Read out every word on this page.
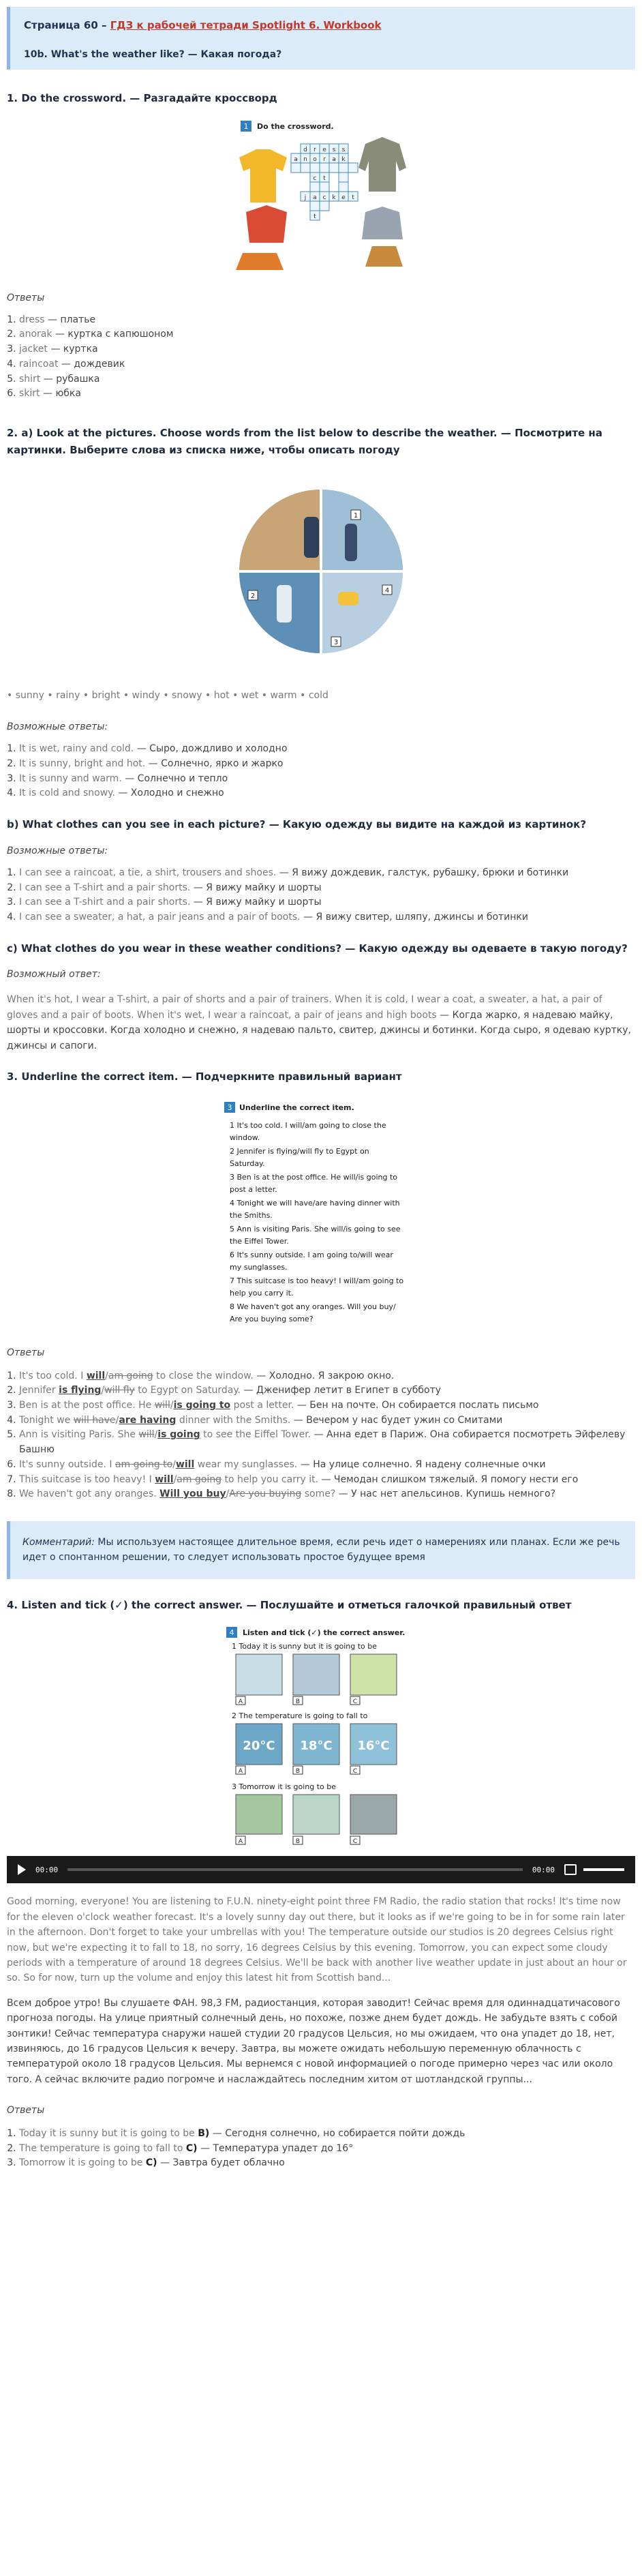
Страница 60 – ГДЗ к рабочей тетради Spotlight 6. Workbook
10b. What's the weather like? — Какая погода?
1. Do the crossword. — Разгадайте кроссворд
1 Do the crossword.
d r e s s
a n o r a k
c t
j a c k e t
t
Ответы
1. dress — платье
2. anorak — куртка с капюшоном
3. jacket — куртка
4. raincoat — дождевик
5. shirt — рубашка
6. skirt — юбка
2. a) Look at the pictures. Choose words from the list below to describe the weather. — Посмотрите на картинки. Выберите слова из списка ниже, чтобы описать погоду
1
2
4
3
• sunny • rainy • bright • windy • snowy • hot • wet • warm • cold
Возможные ответы:
1. It is wet, rainy and cold. — Сыро, дождливо и холодно
2. It is sunny, bright and hot. — Солнечно, ярко и жарко
3. It is sunny and warm. — Солнечно и тепло
4. It is cold and snowy. — Холодно и снежно
b) What clothes can you see in each picture? — Какую одежду вы видите на каждой из картинок?
Возможные ответы:
1. I can see a raincoat, a tie, a shirt, trousers and shoes. — Я вижу дождевик, галстук, рубашку, брюки и ботинки
2. I can see a T-shirt and a pair shorts. — Я вижу майку и шорты
3. I can see a T-shirt and a pair shorts. — Я вижу майку и шорты
4. I can see a sweater, a hat, a pair jeans and a pair of boots. — Я вижу свитер, шляпу, джинсы и ботинки
c) What clothes do you wear in these weather conditions? — Какую одежду вы одеваете в такую погоду?
Возможный ответ:
When it's hot, I wear a T-shirt, a pair of shorts and a pair of trainers. When it is cold, I wear a coat, a sweater, a hat, a pair of gloves and a pair of boots. When it's wet, I wear a raincoat, a pair of jeans and high boots — Когда жарко, я надеваю майку, шорты и кроссовки. Когда холодно и снежно, я надеваю пальто, свитер, джинсы и ботинки. Когда сыро, я одеваю куртку, джинсы и сапоги.
3. Underline the correct item. — Подчеркните правильный вариант
3 Underline the correct item.
1 It's too cold. I will/am going to close the
window.
2 Jennifer is flying/will fly to Egypt on
Saturday.
3 Ben is at the post office. He will/is going to
post a letter.
4 Tonight we will have/are having dinner with
the Smiths.
5 Ann is visiting Paris. She will/is going to see
the Eiffel Tower.
6 It's sunny outside. I am going to/will wear
my sunglasses.
7 This suitcase is too heavy! I will/am going to
help you carry it.
8 We haven't got any oranges. Will you buy/
Are you buying some?
Ответы
1. It's too cold. I will/am going to close the window. — Холодно. Я закрою окно.
2. Jennifer is flying/will fly to Egypt on Saturday. — Дженифер летит в Египет в субботу
3. Ben is at the post office. He will/is going to post a letter. — Бен на почте. Он собирается послать письмо
4. Tonight we will have/are having dinner with the Smiths. — Вечером у нас будет ужин со Смитами
5. Ann is visiting Paris. She will/is going to see the Eiffel Tower. — Анна едет в Париж. Она собирается посмотреть Эйфелеву Башню
6. It's sunny outside. I am going to/will wear my sunglasses. — На улице солнечно. Я надену солнечные очки
7. This suitcase is too heavy! I will/am going to help you carry it. — Чемодан слишком тяжелый. Я помогу нести его
8. We haven't got any oranges. Will you buy/Are you buying some? — У нас нет апельсинов. Купишь немного?
Комментарий: Мы используем настоящее длительное время, если речь идет о намерениях или планах. Если же речь идет о спонтанном решении, то следует использовать простое будущее время
4. Listen and tick (✓) the correct answer. — Послушайте и отметься галочкой правильный ответ
4 Listen and tick (✓) the correct answer.
1 Today it is sunny but it is going to be
A	B	C
2 The temperature is going to fall to
20°C 18°C 16°C
A	B	C
3 Tomorrow it is going to be
A	B	C
00:00	00:00
Good morning, everyone! You are listening to F.U.N. ninety-eight point three FM Radio, the radio station that rocks! It's time now for the eleven o'clock weather forecast. It's a lovely sunny day out there, but it looks as if we're going to be in for some rain later in the afternoon. Don't forget to take your umbrellas with you! The temperature outside our studios is 20 degrees Celsius right now, but we're expecting it to fall to 18, no sorry, 16 degrees Celsius by this evening. Tomorrow, you can expect some cloudy periods with a temperature of around 18 degrees Celsius. We'll be back with another live weather update in just about an hour or so. So for now, turn up the volume and enjoy this latest hit from Scottish band...
Всем доброе утро! Вы слушаете ФАН. 98,3 FM, радиостанция, которая заводит! Сейчас время для одиннадцатичасового прогноза погоды. На улице приятный солнечный день, но похоже, позже днем будет дождь. Не забудьте взять с собой зонтики! Сейчас температура снаружи нашей студии 20 градусов Цельсия, но мы ожидаем, что она упадет до 18, нет, извиняюсь, до 16 градусов Цельсия к вечеру. Завтра, вы можете ожидать небольшую переменную облачность с температурой около 18 градусов Цельсия. Мы вернемся с новой информацией о погоде примерно через час или около того. А сейчас включите радио погромче и наслаждайтесь последним хитом от шотландской группы...
Ответы
1. Today it is sunny but it is going to be B) — Сегодня солнечно, но собирается пойти дождь
2. The temperature is going to fall to C) — Температура упадет до 16°
3. Tomorrow it is going to be C) — Завтра будет облачно
